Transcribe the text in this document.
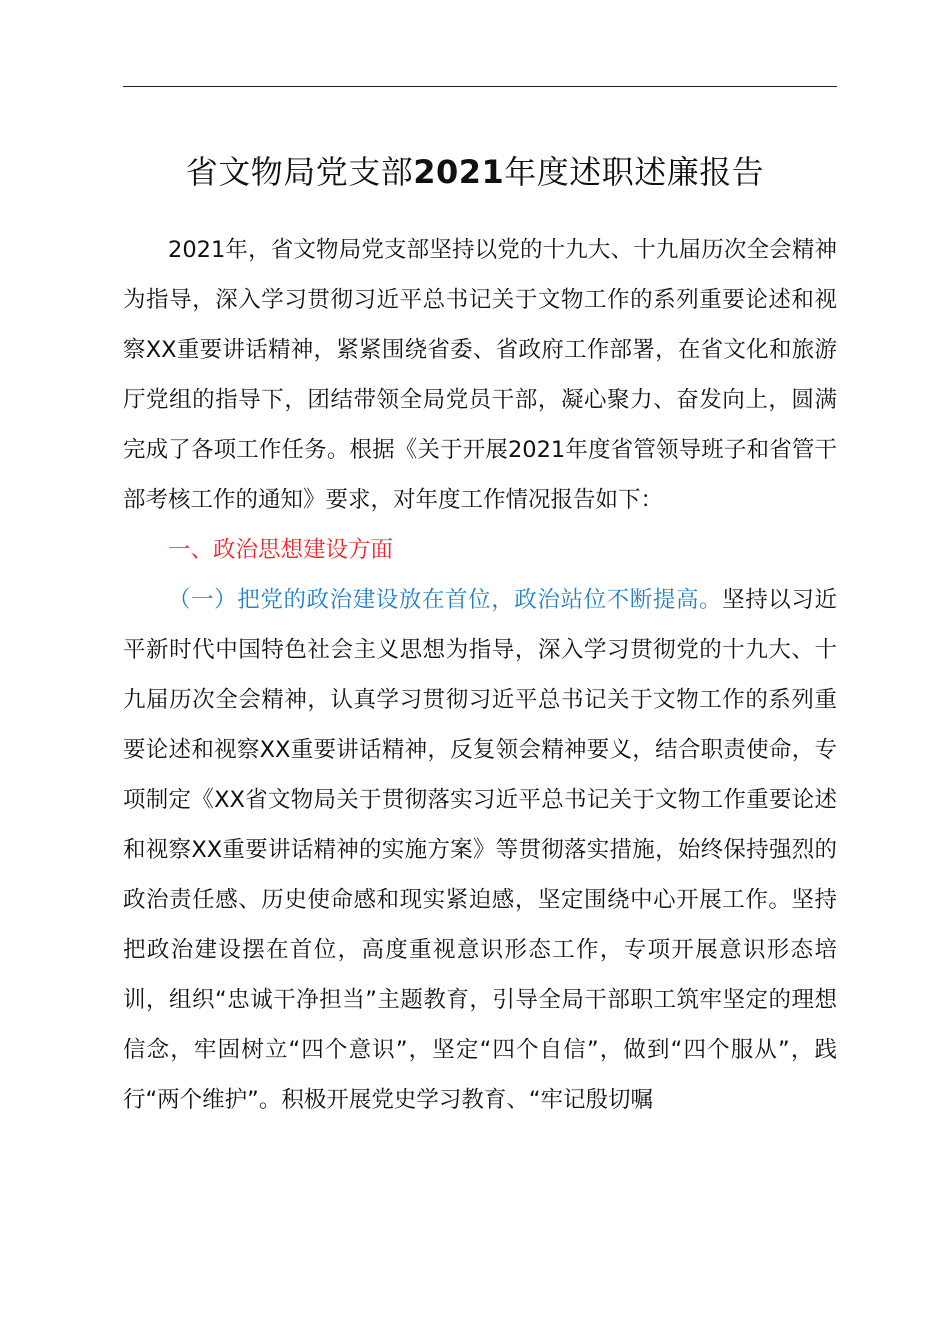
省文物局党支部2021年度述职述廉报告

2021年，省文物局党支部坚持以党的十九大、十九届历次全会精神为指导，深入学习贯彻习近平总书记关于文物工作的系列重要论述和视察XX重要讲话精神，紧紧围绕省委、省政府工作部署，在省文化和旅游厅党组的指导下，团结带领全局党员干部，凝心聚力、奋发向上，圆满完成了各项工作任务。根据《关于开展2021年度省管领导班子和省管干部考核工作的通知》要求，对年度工作情况报告如下：

一、政治思想建设方面

（一）把党的政治建设放在首位，政治站位不断提高。坚持以习近平新时代中国特色社会主义思想为指导，深入学习贯彻党的十九大、十九届历次全会精神，认真学习贯彻习近平总书记关于文物工作的系列重要论述和视察XX重要讲话精神，反复领会精神要义，结合职责使命，专项制定《XX省文物局关于贯彻落实习近平总书记关于文物工作重要论述和视察XX重要讲话精神的实施方案》等贯彻落实措施，始终保持强烈的政治责任感、历史使命感和现实紧迫感，坚定围绕中心开展工作。坚持把政治建设摆在首位，高度重视意识形态工作，专项开展意识形态培训，组织“忠诚干净担当”主题教育，引导全局干部职工筑牢坚定的理想信念，牢固树立“四个意识”，坚定“四个自信”，做到“四个服从”，践行“两个维护”。积极开展党史学习教育、“牢记殷切嘱
